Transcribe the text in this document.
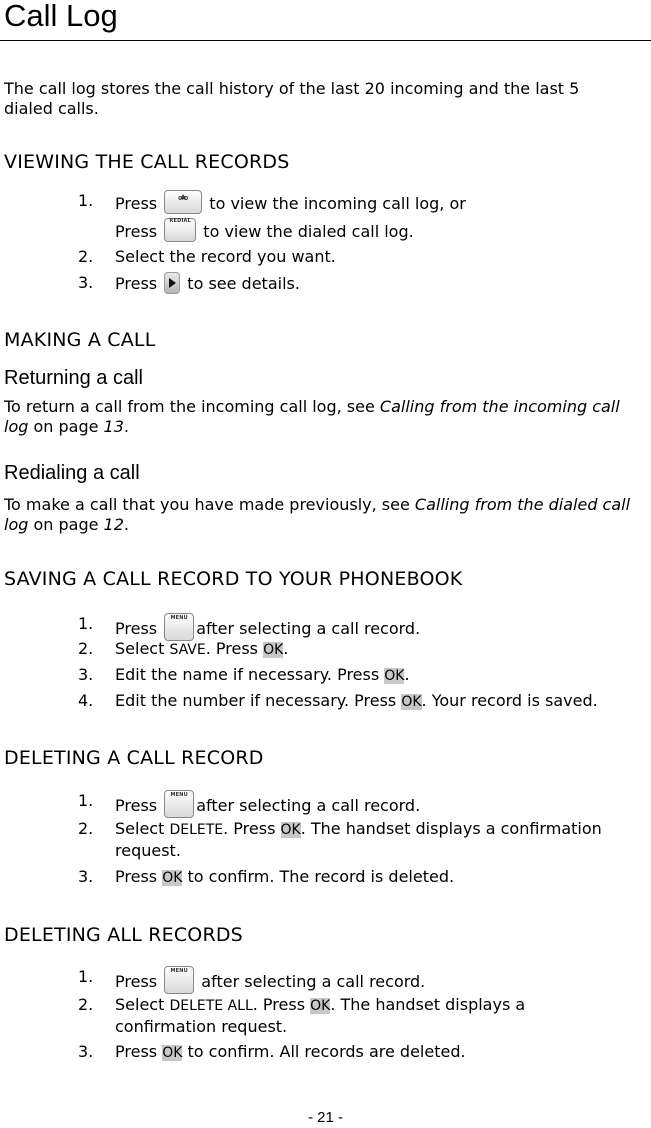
Call Log
The call log stores the call history of the last 20 incoming and the last 5 dialed calls.
VIEWING THE CALL RECORDS
1. Press	CID	to view the incoming call log, or
Press
REDIAL
to view the dialed call log.
2. Select the record you want.
3. Press to see details.
MAKING A CALL
Returning a call
To return a call from the incoming call log, see Calling from the incoming call log on page 13.
Redialing a call
To make a call that you have made previously, see Calling from the dialed call log on page 12.
SAVING A CALL RECORD TO YOUR PHONEBOOK
1. Press
MENU
after selecting a call record.
2. Select SAVE. Press OK.
3. Edit the name if necessary. Press OK.
4. Edit the number if necessary. Press OK. Your record is saved.
DELETING A CALL RECORD
1. Press
MENU
after selecting a call record.
2. Select DELETE. Press OK. The handset displays a confirmation
request.
3. Press OK to confirm. The record is deleted.
DELETING ALL RECORDS
1. Press
MENU
after selecting a call record.
2. Select DELETE ALL. Press OK. The handset displays a
confirmation request.
3. Press OK to confirm. All records are deleted.
- 21 -
